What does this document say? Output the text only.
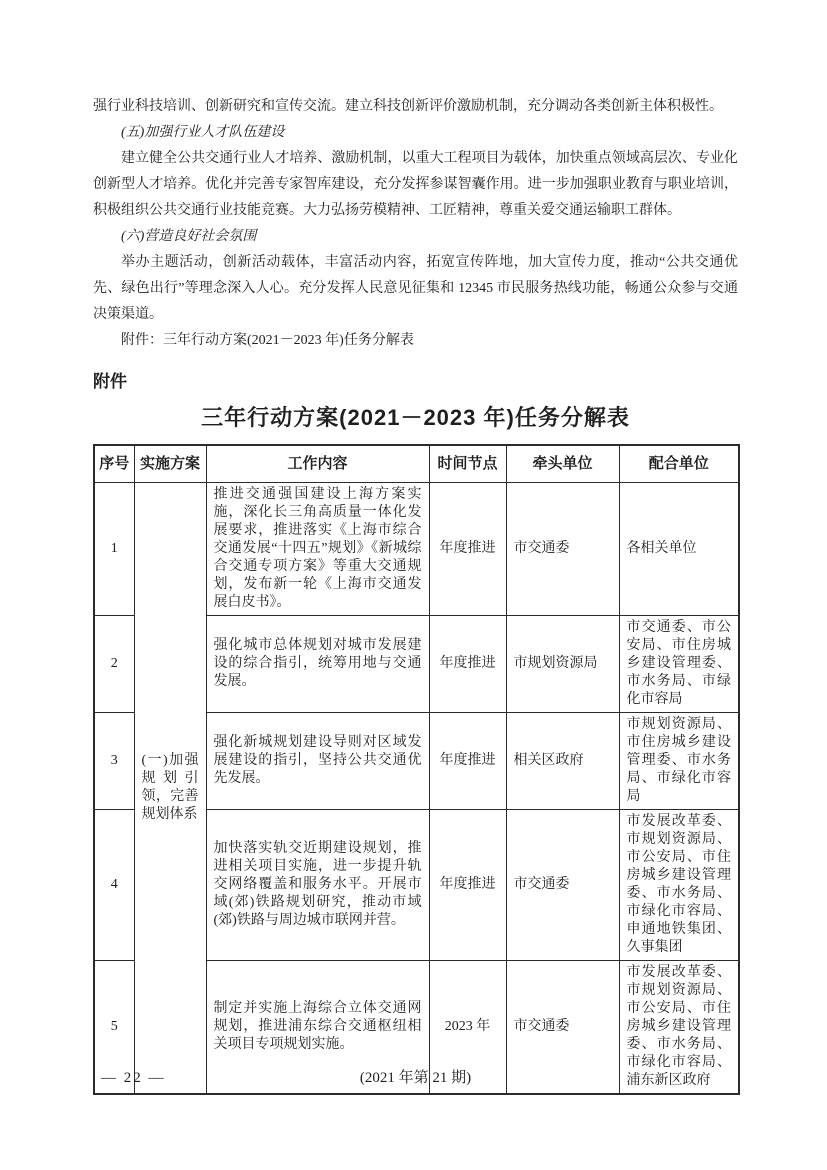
强行业科技培训、创新研究和宣传交流。建立科技创新评价激励机制，充分调动各类创新主体积极性。

(五)加强行业人才队伍建设

建立健全公共交通行业人才培养、激励机制，以重大工程项目为载体，加快重点领域高层次、专业化创新型人才培养。优化并完善专家智库建设，充分发挥参谋智囊作用。进一步加强职业教育与职业培训，积极组织公共交通行业技能竞赛。大力弘扬劳模精神、工匠精神，尊重关爱交通运输职工群体。

(六)营造良好社会氛围

举办主题活动，创新活动载体，丰富活动内容，拓宽宣传阵地，加大宣传力度，推动“公共交通优先、绿色出行”等理念深入人心。充分发挥人民意见征集和 12345 市民服务热线功能，畅通公众参与交通决策渠道。

附件：三年行动方案(2021－2023 年)任务分解表

附件
三年行动方案(2021－2023 年)任务分解表
序号	实施方案	工作内容	时间节点	牵头单位	配合单位
1	(一)加强规划引领，完善规划体系	推进交通强国建设上海方案实施，深化长三角高质量一体化发展要求，推进落实《上海市综合交通发展“十四五”规划》《新城综合交通专项方案》等重大交通规划，发布新一轮《上海市交通发展白皮书》。	年度推进	市交通委	各相关单位
2		强化城市总体规划对城市发展建设的综合指引，统筹用地与交通发展。	年度推进	市规划资源局	市交通委、市公安局、市住房城乡建设管理委、市水务局、市绿化市容局
3		强化新城规划建设导则对区域发展建设的指引，坚持公共交通优先发展。	年度推进	相关区政府	市规划资源局、市住房城乡建设管理委、市水务局、市绿化市容局
4		加快落实轨交近期建设规划，推进相关项目实施，进一步提升轨交网络覆盖和服务水平。开展市域(郊)铁路规划研究，推动市域(郊)铁路与周边城市联网并营。	年度推进	市交通委	市发展改革委、市规划资源局、市公安局、市住房城乡建设管理委、市水务局、市绿化市容局、申通地铁集团、久事集团
5		制定并实施上海综合立体交通网规划，推进浦东综合交通枢纽相关项目专项规划实施。	2023 年	市交通委	市发展改革委、市规划资源局、市公安局、市住房城乡建设管理委、市水务局、市绿化市容局、浦东新区政府
— 22 —	(2021 年第 21 期)
